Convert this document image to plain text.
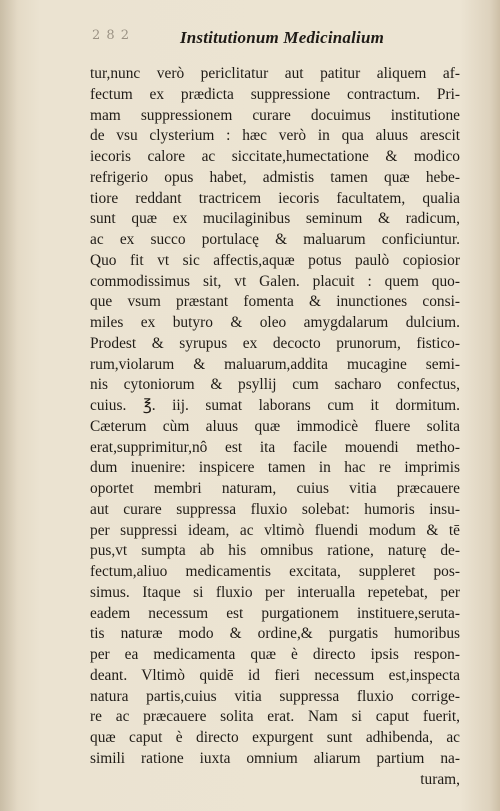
2 8 2	Institutionum Medicinalium
tur,nunc verò periclitatur aut patitur aliquem af-
fectum ex prædicta suppressione contractum. Pri-
mam suppressionem curare docuimus institutione
de vsu clysterium : hæc verò in qua aluus arescit
iecoris calore ac siccitate,humectatione & modico
refrigerio opus habet, admistis tamen quæ hebe-
tiore reddant tractricem iecoris facultatem, qualia
sunt quæ ex mucilaginibus seminum & radicum,
ac ex succo portulacę & maluarum conficiuntur.
Quo fit vt sic affectis,aquæ potus paulò copiosior
commodissimus sit, vt Galen. placuit : quem quo-
que vsum præstant fomenta & inunctiones consi-
miles ex butyro & oleo amygdalarum dulcium.
Prodest & syrupus ex decocto prunorum, fistico-
rum,violarum & maluarum,addita mucagine semi-
nis cytoniorum & psyllij cum sacharo confectus,
cuius. ℥. iij. sumat laborans cum it dormitum.
Cæterum cùm aluus quæ immodicè fluere solita
erat,supprimitur,nô est ita facile mouendi metho-
dum inuenire: inspicere tamen in hac re imprimis
oportet membri naturam, cuius vitia præcauere
aut curare suppressa fluxio solebat: humoris insu-
per suppressi ideam, ac vltimò fluendi modum & tē
pus,vt sumpta ab his omnibus ratione, naturę de-
fectum,aliuo medicamentis excitata, suppleret pos-
simus. Itaque si fluxio per interualla repetebat, per
eadem necessum est purgationem instituere,seruta-
tis naturæ modo & ordine,& purgatis humoribus
per ea medicamenta quæ è directo ipsis respon-
deant. Vltimò quidē id fieri necessum est,inspecta
natura partis,cuius vitia suppressa fluxio corrige-
re ac præcauere solita erat. Nam si caput fuerit,
quæ caput è directo expurgent sunt adhibenda, ac
simili ratione iuxta omnium aliarum partium na-
turam,
